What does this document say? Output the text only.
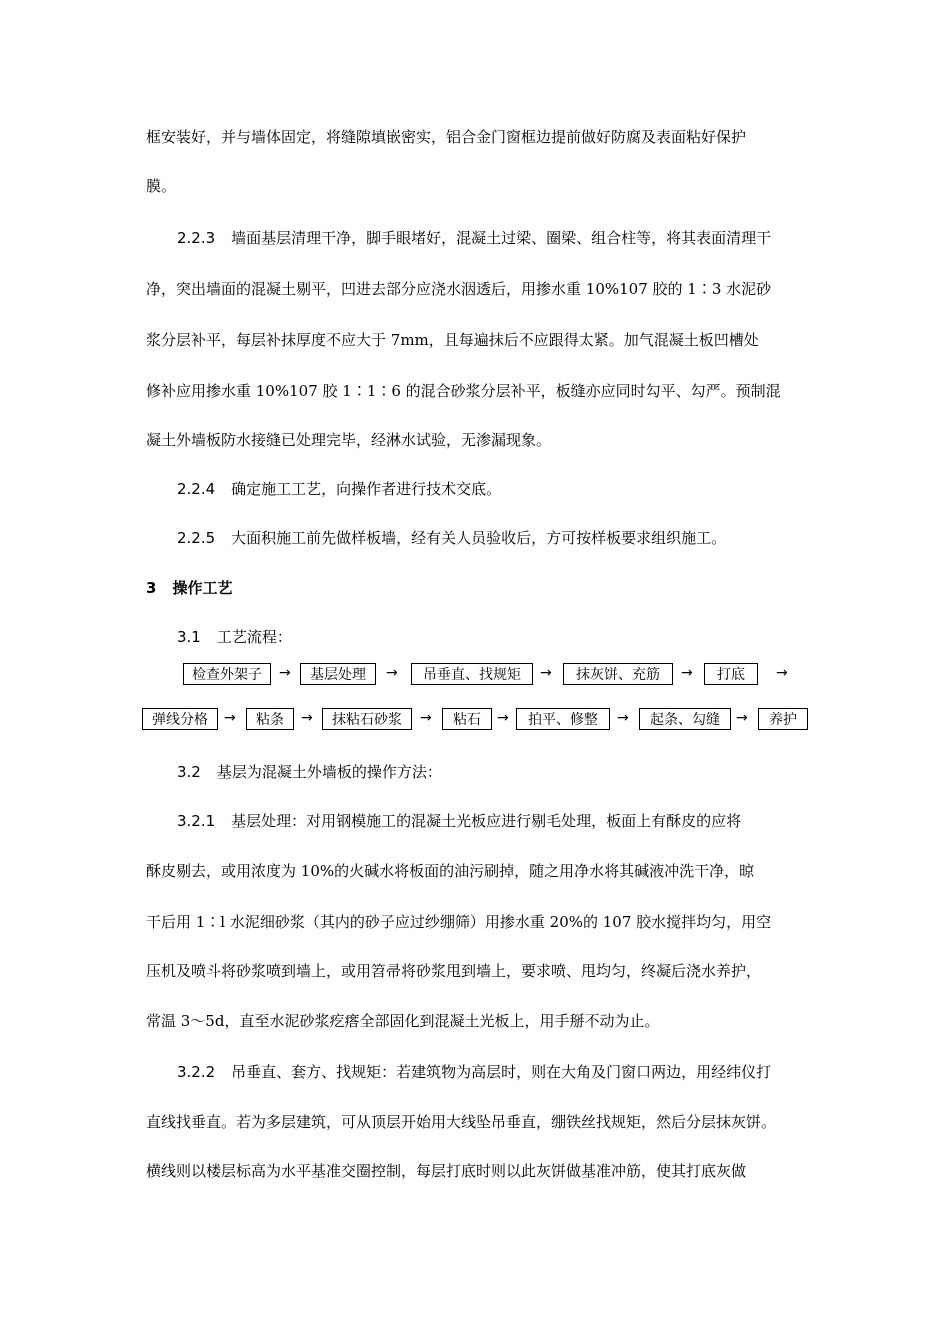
框安装好，并与墙体固定，将缝隙填嵌密实，铝合金门窗框边提前做好防腐及表面粘好保护
膜。
2.2.3 墙面基层清理干净，脚手眼堵好，混凝土过梁、圈梁、组合柱等，将其表面清理干
净，突出墙面的混凝土剔平，凹进去部分应浇水洇透后，用掺水重 10%107 胶的 1∶3 水泥砂
浆分层补平，每层补抹厚度不应大于 7mm，且每遍抹后不应跟得太紧。加气混凝土板凹槽处
修补应用掺水重 10%107 胶 1∶1∶6 的混合砂浆分层补平，板缝亦应同时勾平、勾严。预制混
凝土外墙板防水接缝已处理完毕，经淋水试验，无渗漏现象。
2.2.4 确定施工工艺，向操作者进行技术交底。
2.2.5 大面积施工前先做样板墙，经有关人员验收后，方可按样板要求组织施工。
3 操作工艺
3.1 工艺流程：
检查外架子	→	基层处理	→	吊垂直、找规矩	→	抹灰饼、充筋	→	打底	→
弹线分格	→	粘条	→	抹粘石砂浆	→	粘石	→	拍平、修整	→	起条、勾缝	→	养护
3.2 基层为混凝土外墙板的操作方法：
3.2.1 基层处理：对用钢模施工的混凝土光板应进行剔毛处理，板面上有酥皮的应将
酥皮剔去，或用浓度为 10%的火碱水将板面的油污刷掉，随之用净水将其碱液冲洗干净，晾
干后用 1∶l 水泥细砂浆（其内的砂子应过纱绷筛）用掺水重 20%的 107 胶水搅拌均匀，用空
压机及喷斗将砂浆喷到墙上，或用笤帚将砂浆甩到墙上，要求喷、甩均匀，终凝后浇水养护，
常温 3～5d，直至水泥砂浆疙瘩全部固化到混凝土光板上，用手掰不动为止。
3.2.2 吊垂直、套方、找规矩：若建筑物为高层时，则在大角及门窗口两边，用经纬仪打
直线找垂直。若为多层建筑，可从顶层开始用大线坠吊垂直，绷铁丝找规矩，然后分层抹灰饼。
横线则以楼层标高为水平基准交圈控制，每层打底时则以此灰饼做基准冲筋，使其打底灰做
